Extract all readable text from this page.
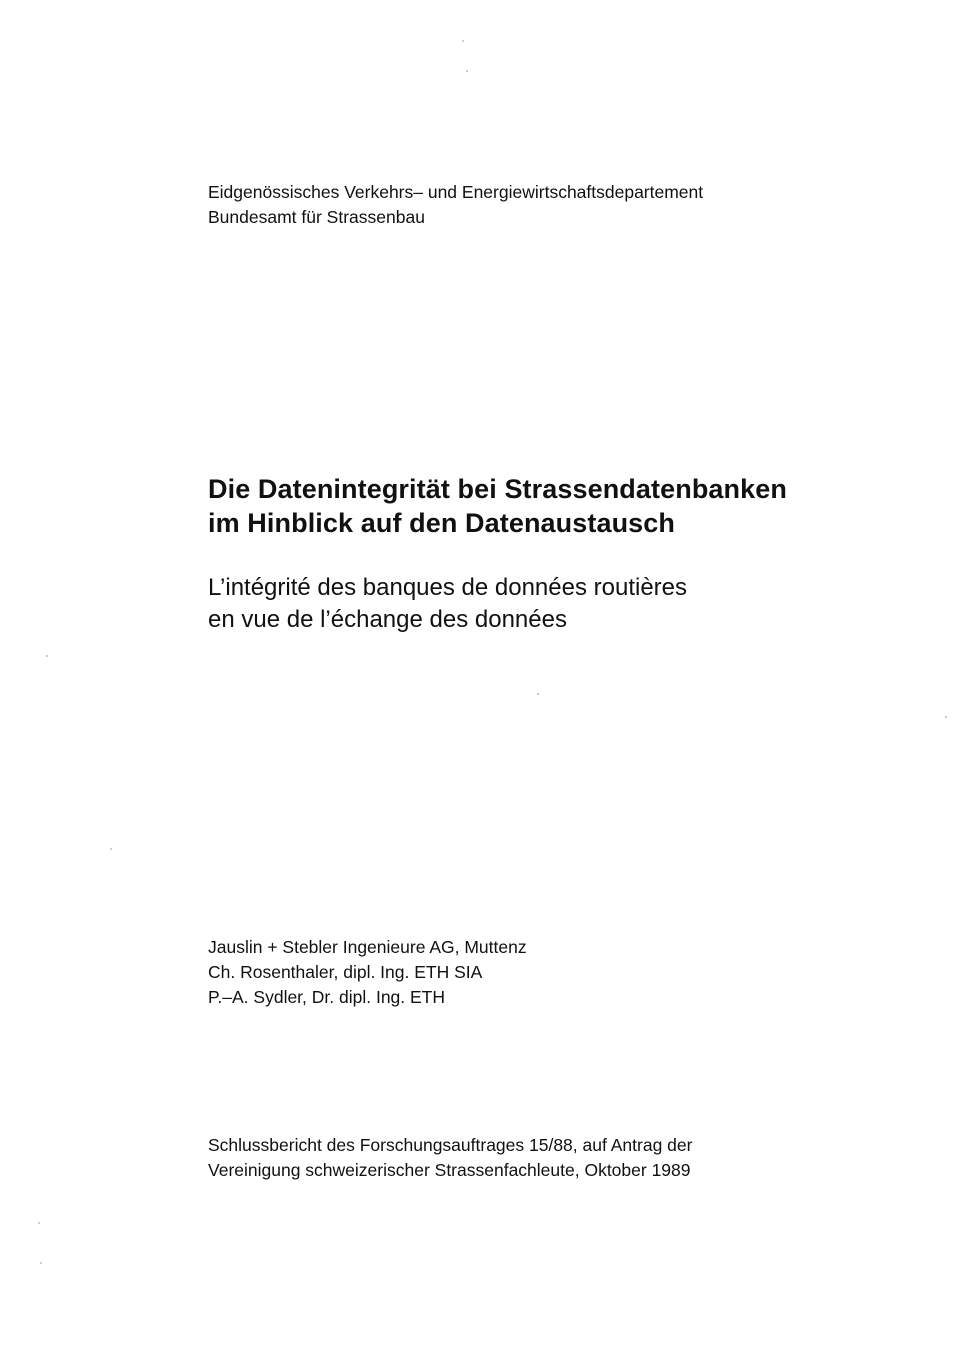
Eidgenössisches Verkehrs– und Energiewirtschaftsdepartement
Bundesamt für Strassenbau
Die Datenintegrität bei Strassendatenbanken
im Hinblick auf den Datenaustausch
L’intégrité des banques de données routières
en vue de l’échange des données
Jauslin + Stebler Ingenieure AG, Muttenz
Ch. Rosenthaler, dipl. Ing. ETH SIA
P.–A. Sydler, Dr. dipl. Ing. ETH
Schlussbericht des Forschungsauftrages 15/88, auf Antrag der
Vereinigung schweizerischer Strassenfachleute, Oktober 1989
